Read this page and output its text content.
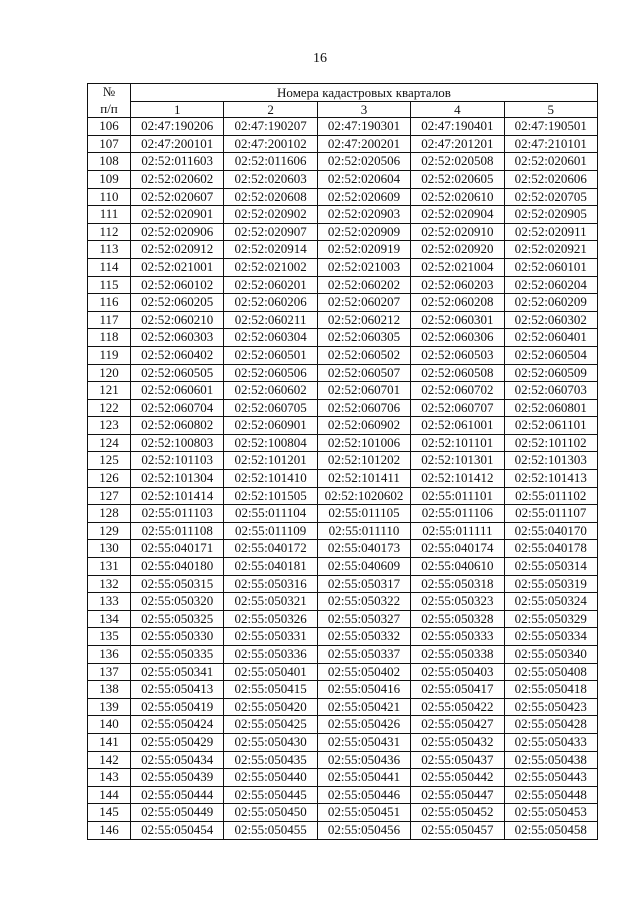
16
№
п/п	Номера кадастровых кварталов				
	1	2	3	4	5
106	02:47:190206	02:47:190207	02:47:190301	02:47:190401	02:47:190501
107	02:47:200101	02:47:200102	02:47:200201	02:47:201201	02:47:210101
108	02:52:011603	02:52:011606	02:52:020506	02:52:020508	02:52:020601
109	02:52:020602	02:52:020603	02:52:020604	02:52:020605	02:52:020606
110	02:52:020607	02:52:020608	02:52:020609	02:52:020610	02:52:020705
111	02:52:020901	02:52:020902	02:52:020903	02:52:020904	02:52:020905
112	02:52:020906	02:52:020907	02:52:020909	02:52:020910	02:52:020911
113	02:52:020912	02:52:020914	02:52:020919	02:52:020920	02:52:020921
114	02:52:021001	02:52:021002	02:52:021003	02:52:021004	02:52:060101
115	02:52:060102	02:52:060201	02:52:060202	02:52:060203	02:52:060204
116	02:52:060205	02:52:060206	02:52:060207	02:52:060208	02:52:060209
117	02:52:060210	02:52:060211	02:52:060212	02:52:060301	02:52:060302
118	02:52:060303	02:52:060304	02:52:060305	02:52:060306	02:52:060401
119	02:52:060402	02:52:060501	02:52:060502	02:52:060503	02:52:060504
120	02:52:060505	02:52:060506	02:52:060507	02:52:060508	02:52:060509
121	02:52:060601	02:52:060602	02:52:060701	02:52:060702	02:52:060703
122	02:52:060704	02:52:060705	02:52:060706	02:52:060707	02:52:060801
123	02:52:060802	02:52:060901	02:52:060902	02:52:061001	02:52:061101
124	02:52:100803	02:52:100804	02:52:101006	02:52:101101	02:52:101102
125	02:52:101103	02:52:101201	02:52:101202	02:52:101301	02:52:101303
126	02:52:101304	02:52:101410	02:52:101411	02:52:101412	02:52:101413
127	02:52:101414	02:52:101505	02:52:1020602	02:55:011101	02:55:011102
128	02:55:011103	02:55:011104	02:55:011105	02:55:011106	02:55:011107
129	02:55:011108	02:55:011109	02:55:011110	02:55:011111	02:55:040170
130	02:55:040171	02:55:040172	02:55:040173	02:55:040174	02:55:040178
131	02:55:040180	02:55:040181	02:55:040609	02:55:040610	02:55:050314
132	02:55:050315	02:55:050316	02:55:050317	02:55:050318	02:55:050319
133	02:55:050320	02:55:050321	02:55:050322	02:55:050323	02:55:050324
134	02:55:050325	02:55:050326	02:55:050327	02:55:050328	02:55:050329
135	02:55:050330	02:55:050331	02:55:050332	02:55:050333	02:55:050334
136	02:55:050335	02:55:050336	02:55:050337	02:55:050338	02:55:050340
137	02:55:050341	02:55:050401	02:55:050402	02:55:050403	02:55:050408
138	02:55:050413	02:55:050415	02:55:050416	02:55:050417	02:55:050418
139	02:55:050419	02:55:050420	02:55:050421	02:55:050422	02:55:050423
140	02:55:050424	02:55:050425	02:55:050426	02:55:050427	02:55:050428
141	02:55:050429	02:55:050430	02:55:050431	02:55:050432	02:55:050433
142	02:55:050434	02:55:050435	02:55:050436	02:55:050437	02:55:050438
143	02:55:050439	02:55:050440	02:55:050441	02:55:050442	02:55:050443
144	02:55:050444	02:55:050445	02:55:050446	02:55:050447	02:55:050448
145	02:55:050449	02:55:050450	02:55:050451	02:55:050452	02:55:050453
146	02:55:050454	02:55:050455	02:55:050456	02:55:050457	02:55:050458
